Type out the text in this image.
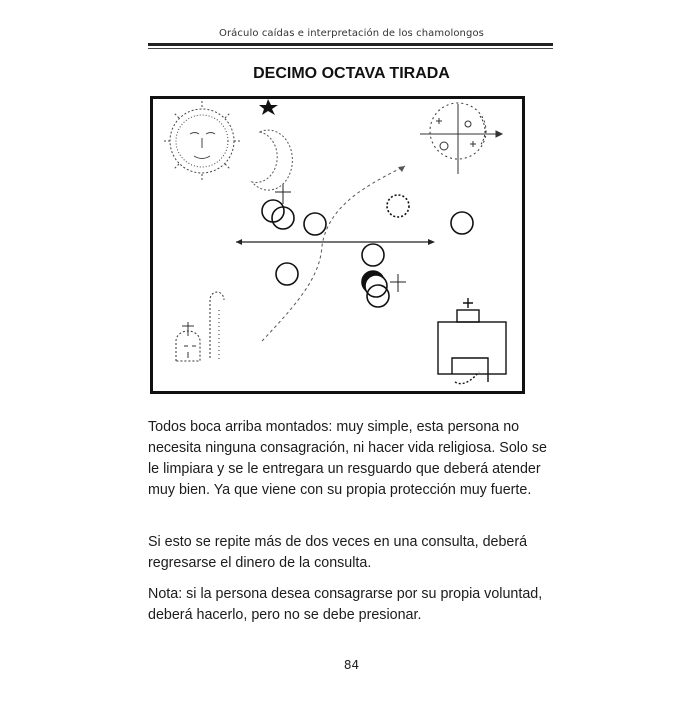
Oráculo caídas e interpretación de los chamolongos
DECIMO OCTAVA TIRADA

Todos boca arriba montados: muy simple, esta persona no necesita ninguna consagración, ni hacer vida religiosa. Solo se le limpiara y se le entregara un resguardo que deberá atender muy bien. Ya que viene con su propia protección muy fuerte.

Si esto se repite más de dos veces en una consulta, deberá regresarse el dinero de la consulta.

Nota: si la persona desea consagrarse por su propia voluntad, deberá hacerlo, pero no se debe presionar.

84
